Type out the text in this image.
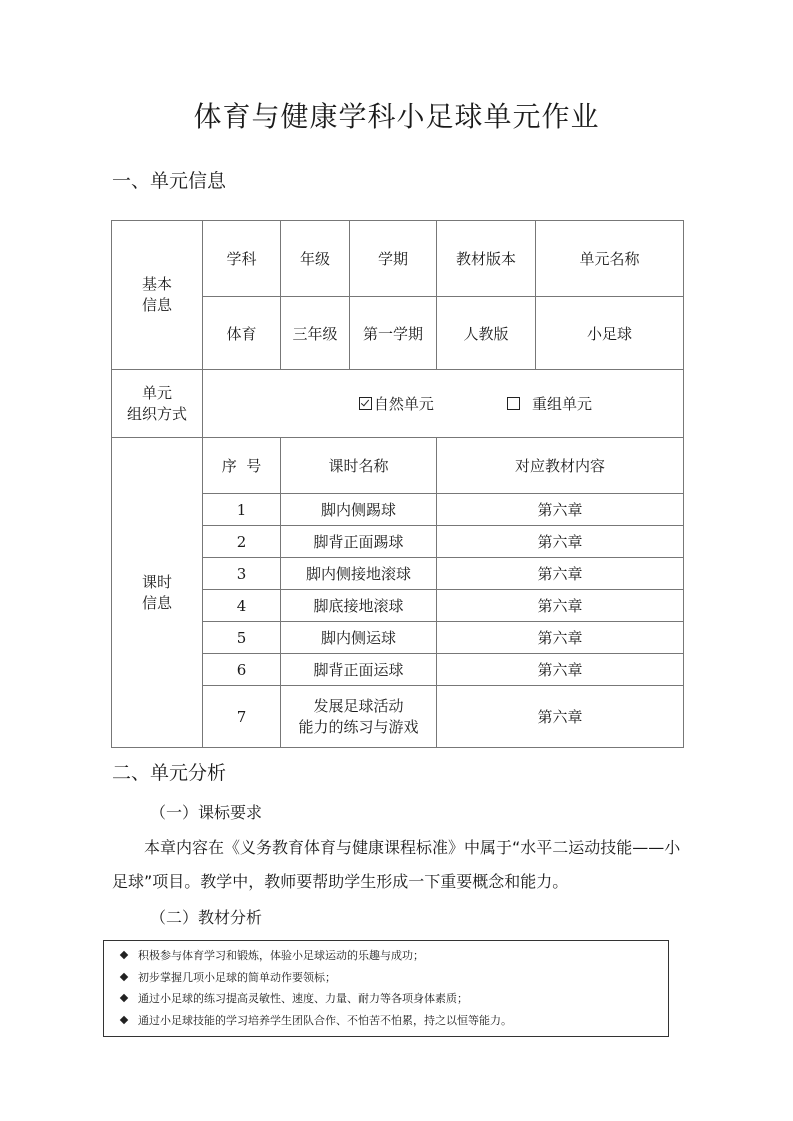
体育与健康学科小足球单元作业
一、单元信息
基本
信息	学科	年级	学期	教材版本	单元名称
	体育	三年级	第一学期	人教版	小足球
单元
组织方式	自然单元 重组单元				
课时
信息	序  号	课时名称		对应教材内容	
	1	脚内侧踢球		第六章	
	2	脚背正面踢球		第六章	
	3	脚内侧接地滚球		第六章	
	4	脚底接地滚球		第六章	
	5	脚内侧运球		第六章	
	6	脚背正面运球		第六章	
	7	发展足球活动
能力的练习与游戏		第六章	
二、单元分析
（一）课标要求
本章内容在《义务教育体育与健康课程标准》中属于“水平二运动技能——小足球”项目。教学中，教师要帮助学生形成一下重要概念和能力。
（二）教材分析
积极参与体育学习和锻炼，体验小足球运动的乐趣与成功；
初步掌握几项小足球的简单动作要领标；
通过小足球的练习提高灵敏性、速度、力量、耐力等各项身体素质；
通过小足球技能的学习培养学生团队合作、不怕苦不怕累，持之以恒等能力。
